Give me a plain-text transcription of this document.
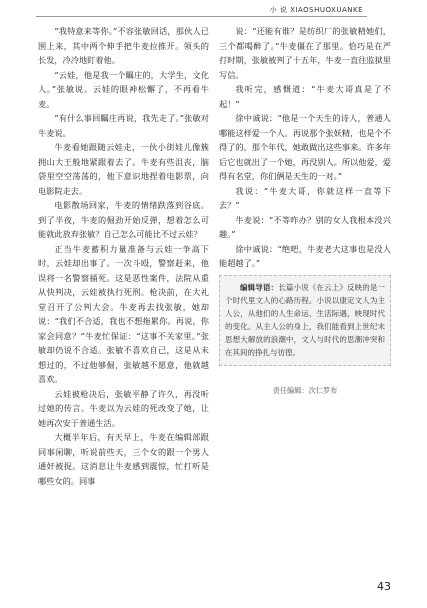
小 说 XIAOSHUOXUANKE

“我特意来等你。”不容张敏回话，那伙人已围上来，其中两个伸手把牛麦拉推开。领头的长发，冷冷地盯着他。

“云娃，他是我一个瞩庄的，大学生，文化人。”张敏说。云娃的眼神松懈了，不再看牛麦。

“有什么事回瞩庄再说，我先走了。”张敏对牛麦说。

牛麦看她跟随云娃走，一伙小街娃儿像簇拥山大王般地紧跟着去了。牛麦有些沮丧，脑袋里空空荡荡的，他下意识地捏着电影票，向电影院走去。

电影散场回家，牛麦的情绪跌落到谷底。到了半夜，牛麦的倔劲开始反弹，想着怎么可能就此放弃张敏？自己怎么可能比不过云娃？

正当牛麦蓄积力量准备与云娃一争高下时，云娃却出事了。一次斗殴，警察赶来，他误将一名警察捅死。这是恶性案件，法院从重从快判决，云娃被执行死刑。枪决前，在大礼堂召开了公判大会。牛麦再去找张敏，她却说：“我们不合适，我也不想拖累你。再说，你家会同意？”牛麦忙保证：“这事不关家里。”张敏却仍说不合适。张敏不喜欢自己，这是从未想过的，不过他够倔，张敏越不愿意，他就越喜欢。

云娃被枪决后，张敏平静了许久，再没听过她的传言。牛麦以为云娃的死改变了她，让她再次安于普通生活。

大概半年后，有天早上，牛麦在编辑部跟同事闲聊，听说前些天，三个女的跟一个男人通奸被捉。这消息让牛麦感到震惊，忙打听是哪些女的。同事

说：“还能有谁？是纺织厂的张敏精她们，三个都喝醉了。”牛麦僵在了那里。恰巧是在严打时期，张敏被判了十五年，牛麦一直往监狱里写信。

我听完，感慨道：“牛麦大哥真是了不起！”

徐中诚说：“他是一个天生的诗人，普通人哪能这样爱一个人。再说那个张妖精，也是个不得了的，那个年代，她敢做出这些事来。许多年后它也就出了一个她，再没别人。所以他爱，爱得有名堂，你们俩是天生的一对。”

我说：“牛麦大哥，你就这样一直等下去？”

牛麦说：“不等咋办？别的女人我根本没兴趣。”

徐中诚说：“绝吧，牛麦老大这事也是没人能超越了。”

编辑导语：长篇小说《在云上》反映的是一个时代里文人的心路历程。小说以康定文人为主人公，从他们的人生命运、生活际遇，映现时代的变化。从主人公的身上，我们能看到上世纪末思想大解放的浪潮中，文人与时代的思潮冲突和在其间的挣扎与彷徨。

责任编辑：次仁罗布
43
